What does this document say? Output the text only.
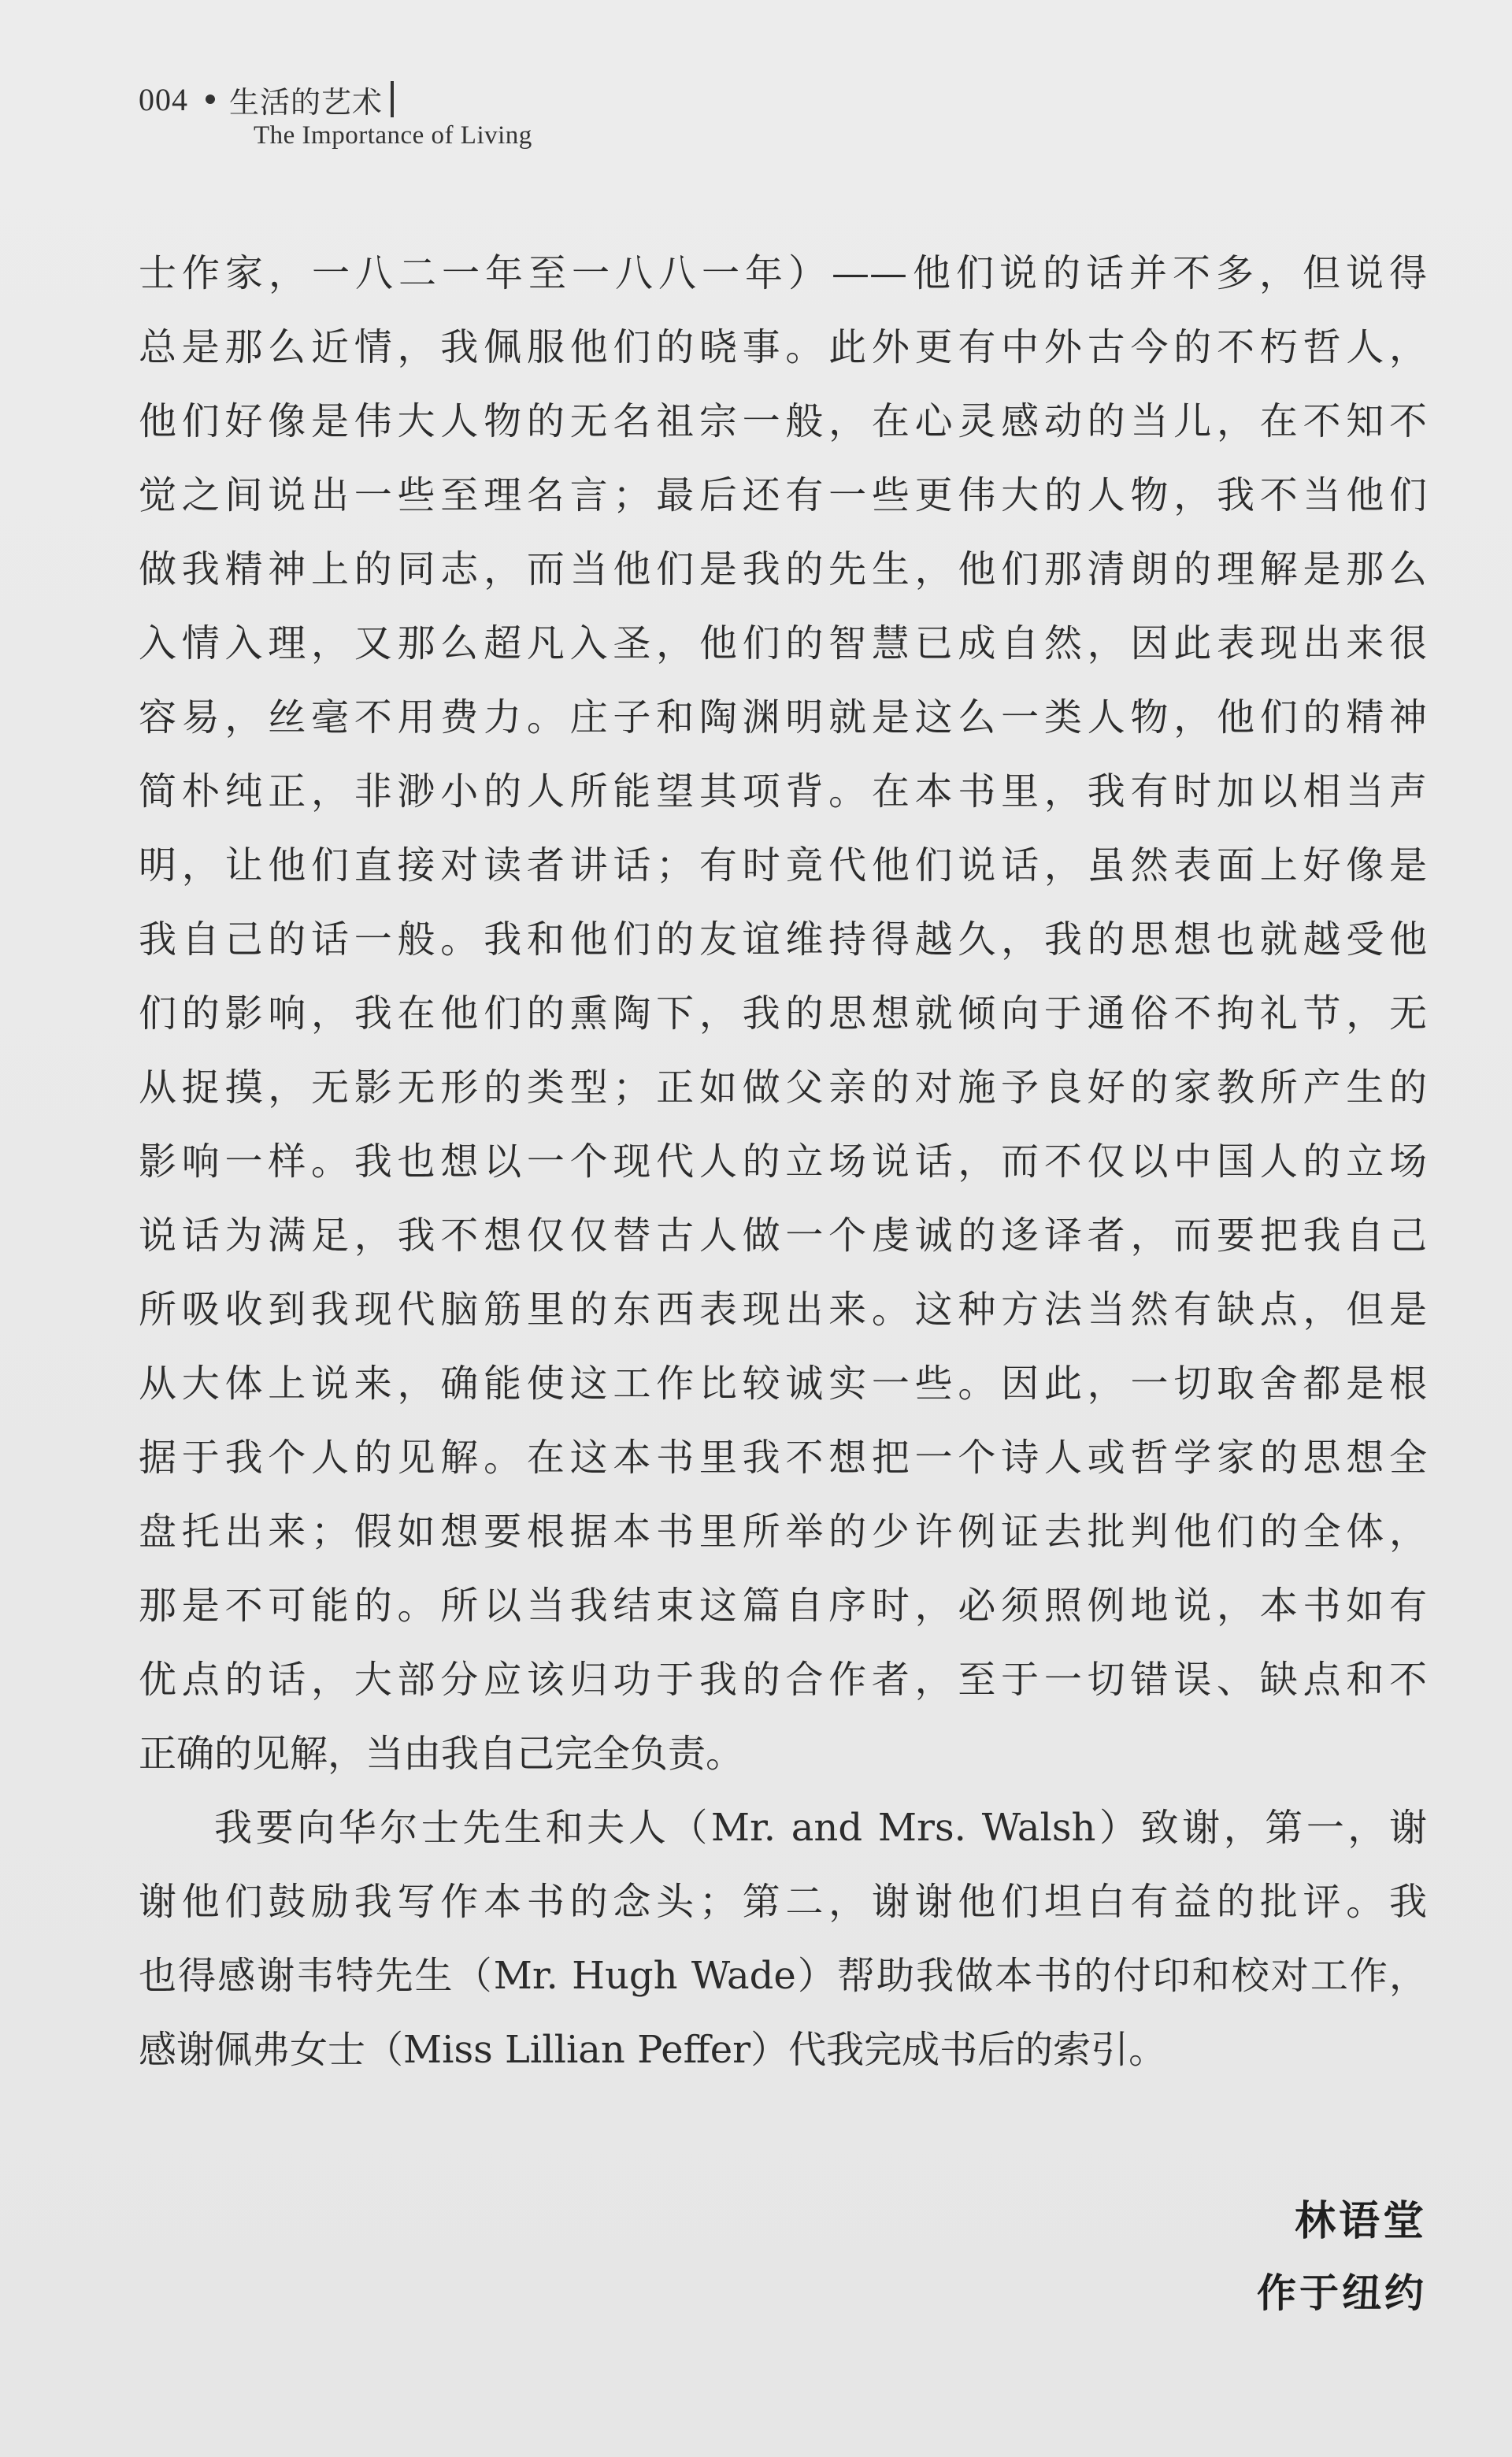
004 生活的艺术
The Importance of Living
士作家，一八二一年至一八八一年）——他们说的话并不多，但说得
总是那么近情，我佩服他们的晓事。此外更有中外古今的不朽哲人，
他们好像是伟大人物的无名祖宗一般，在心灵感动的当儿，在不知不
觉之间说出一些至理名言；最后还有一些更伟大的人物，我不当他们
做我精神上的同志，而当他们是我的先生，他们那清朗的理解是那么
入情入理，又那么超凡入圣，他们的智慧已成自然，因此表现出来很
容易，丝毫不用费力。庄子和陶渊明就是这么一类人物，他们的精神
简朴纯正，非渺小的人所能望其项背。在本书里，我有时加以相当声
明，让他们直接对读者讲话；有时竟代他们说话，虽然表面上好像是
我自己的话一般。我和他们的友谊维持得越久，我的思想也就越受他
们的影响，我在他们的熏陶下，我的思想就倾向于通俗不拘礼节，无
从捉摸，无影无形的类型；正如做父亲的对施予良好的家教所产生的
影响一样。我也想以一个现代人的立场说话，而不仅以中国人的立场
说话为满足，我不想仅仅替古人做一个虔诚的迻译者，而要把我自己
所吸收到我现代脑筋里的东西表现出来。这种方法当然有缺点，但是
从大体上说来，确能使这工作比较诚实一些。因此，一切取舍都是根
据于我个人的见解。在这本书里我不想把一个诗人或哲学家的思想全
盘托出来；假如想要根据本书里所举的少许例证去批判他们的全体，
那是不可能的。所以当我结束这篇自序时，必须照例地说，本书如有
优点的话，大部分应该归功于我的合作者，至于一切错误、缺点和不
正确的见解，当由我自己完全负责。
我要向华尔士先生和夫人（Mr. and Mrs. Walsh）致谢，第一，谢
谢他们鼓励我写作本书的念头；第二，谢谢他们坦白有益的批评。我
也得感谢韦特先生（Mr. Hugh Wade）帮助我做本书的付印和校对工作，
感谢佩弗女士（Miss Lillian Peffer）代我完成书后的索引。
林语堂
作于纽约
